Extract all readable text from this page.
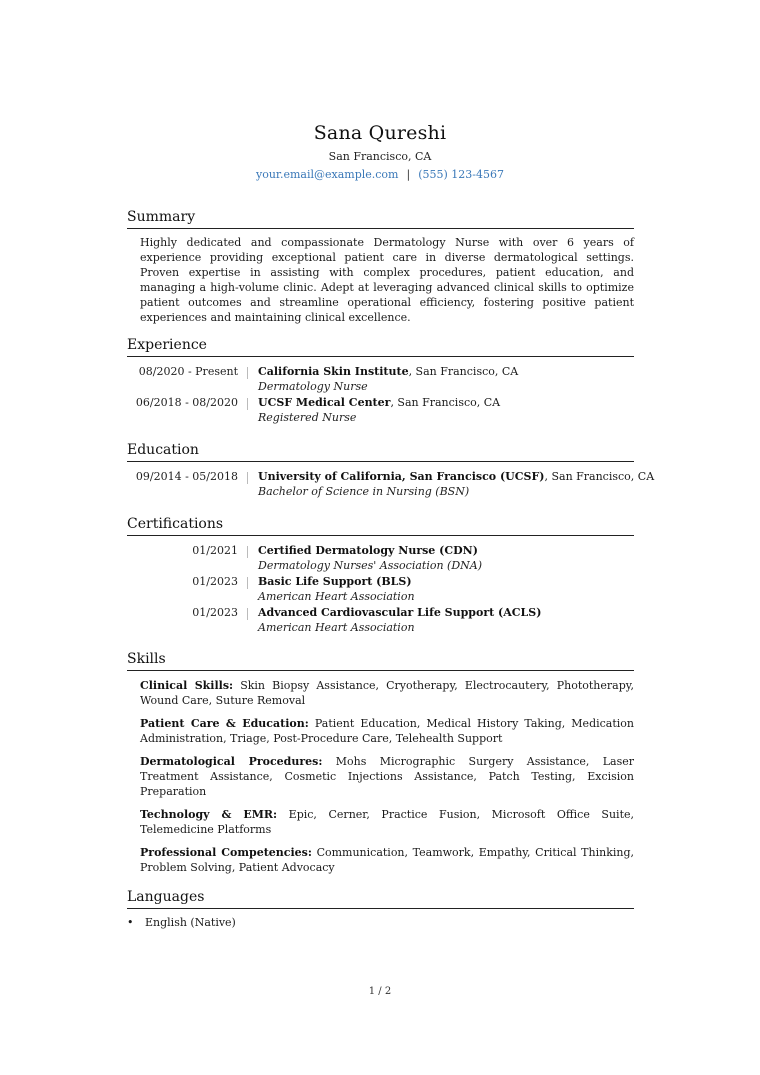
Sana Qureshi
San Francisco, CA
your.email@example.com | (555) 123-4567
Summary
Highly dedicated and compassionate Dermatology Nurse with over 6 years of experience providing exceptional patient care in diverse dermatological settings. Proven expertise in assisting with complex procedures, patient education, and managing a high-volume clinic. Adept at leveraging advanced clinical skills to optimize patient outcomes and streamline operational efficiency, fostering positive patient experiences and maintaining clinical excellence.
Experience
08/2020 - Present California Skin Institute, San Francisco, CA
Dermatology Nurse
06/2018 - 08/2020 UCSF Medical Center, San Francisco, CA
Registered Nurse
Education
09/2014 - 05/2018 University of California, San Francisco (UCSF), San Francisco, CA
Bachelor of Science in Nursing (BSN)
Certifications
01/2021 Certified Dermatology Nurse (CDN)
Dermatology Nurses' Association (DNA)
01/2023 Basic Life Support (BLS)
American Heart Association
01/2023 Advanced Cardiovascular Life Support (ACLS)
American Heart Association
Skills
Clinical Skills: Skin Biopsy Assistance, Cryotherapy, Electrocautery, Phototherapy, Wound Care, Suture Removal
Patient Care & Education: Patient Education, Medical History Taking, Medication Administration, Triage, Post-Procedure Care, Telehealth Support
Dermatological Procedures: Mohs Micrographic Surgery Assistance, Laser Treatment Assistance, Cosmetic Injections Assistance, Patch Testing, Excision Preparation
Technology & EMR: Epic, Cerner, Practice Fusion, Microsoft Office Suite, Telemedicine Platforms
Professional Competencies: Communication, Teamwork, Empathy, Critical Thinking, Problem Solving, Patient Advocacy
Languages
• English (Native)
1 / 2
